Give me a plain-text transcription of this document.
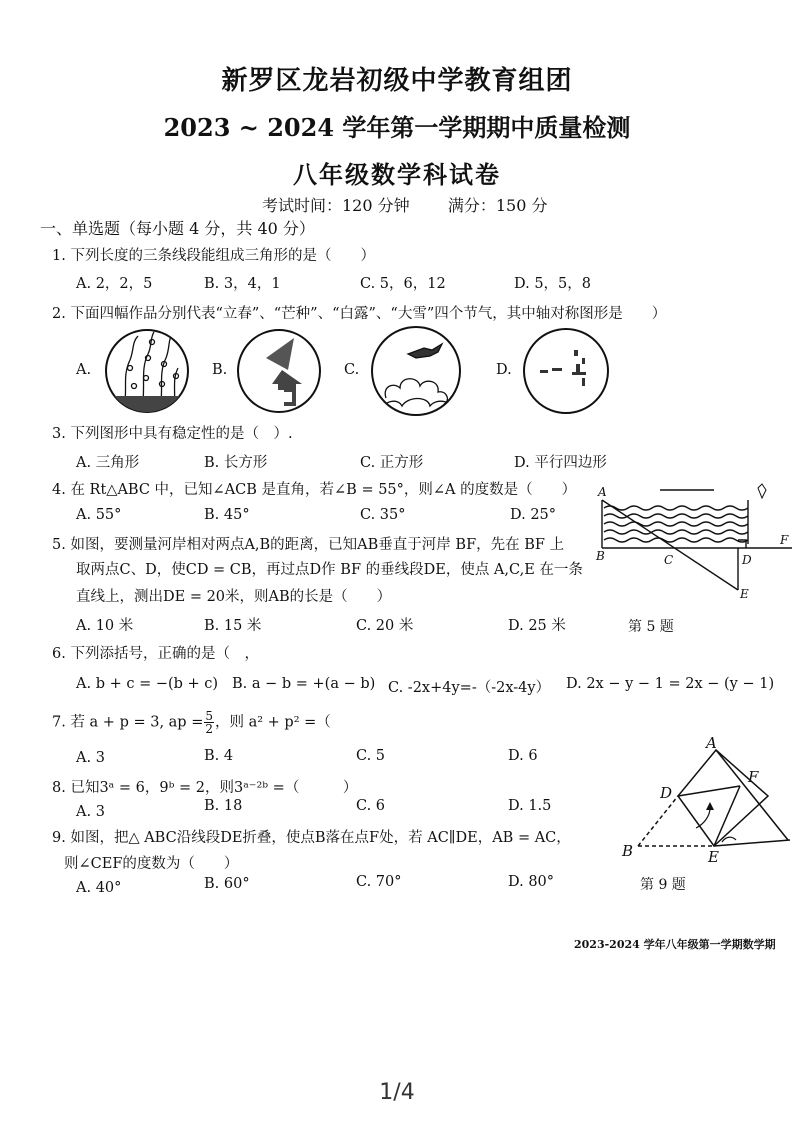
新罗区龙岩初级中学教育组团
2023 ~ 2024 学年第一学期期中质量检测
八年级数学科试卷
考试时间：120 分钟 满分：150 分
一、单选题（每小题 4 分，共 40 分）
1. 下列长度的三条线段能组成三角形的是（　　）
A. 2，2，5	B. 3，4，1	C. 5，6，12	D. 5，5，8
2. 下面四幅作品分别代表“立春”、“芒种”、“白露”、“大雪”四个节气，其中轴对称图形是　　）
A.	B.	C.	D.
3. 下列图形中具有稳定性的是（　）.
A. 三角形	B. 长方形	C. 正方形	D. 平行四边形
4. 在 Rt△ABC 中，已知∠ACB 是直角，若∠B = 55°，则∠A 的度数是（　　）
A. 55°	B. 45°	C. 35°	D. 25°
5. 如图，要测量河岸相对两点A,B的距离，已知AB垂直于河岸 BF，先在 BF 上
取两点C、D，使CD = CB，再过点D作 BF 的垂线段DE，使点 A,C,E 在一条
直线上，测出DE = 20米，则AB的长是（　　）
A. 10 米	B. 15 米	C. 20 米	D. 25 米	第 5 题
A
B	C	D
E
F
6. 下列添括号，正确的是（　，
A. b + c = −(b + c) B. a − b = +(a − b) C. -2x+4y=-（-2x-4y） D. 2x − y − 1 = 2x − (y − 1)
7. 若 a + p = 3, ap = $\frac{5}{2}$ ，则 a² + p² =（
A. 3	B. 4	C. 5	D. 6
8. 已知3ᵃ = 6，9ᵇ = 2，则3ᵃ⁻²ᵇ =（　　　）
A. 3	B. 18	C. 6	D. 1.5
9. 如图，把△ ABC沿线段DE折叠，使点B落在点F处，若 AC∥DE，AB = AC，
则∠CEF的度数为（　　）
A. 40°	B. 60°	C. 70°	D. 80°	第 9 题
A
B
D
E
F
2023-2024 学年八年级第一学期数学期
1/4
